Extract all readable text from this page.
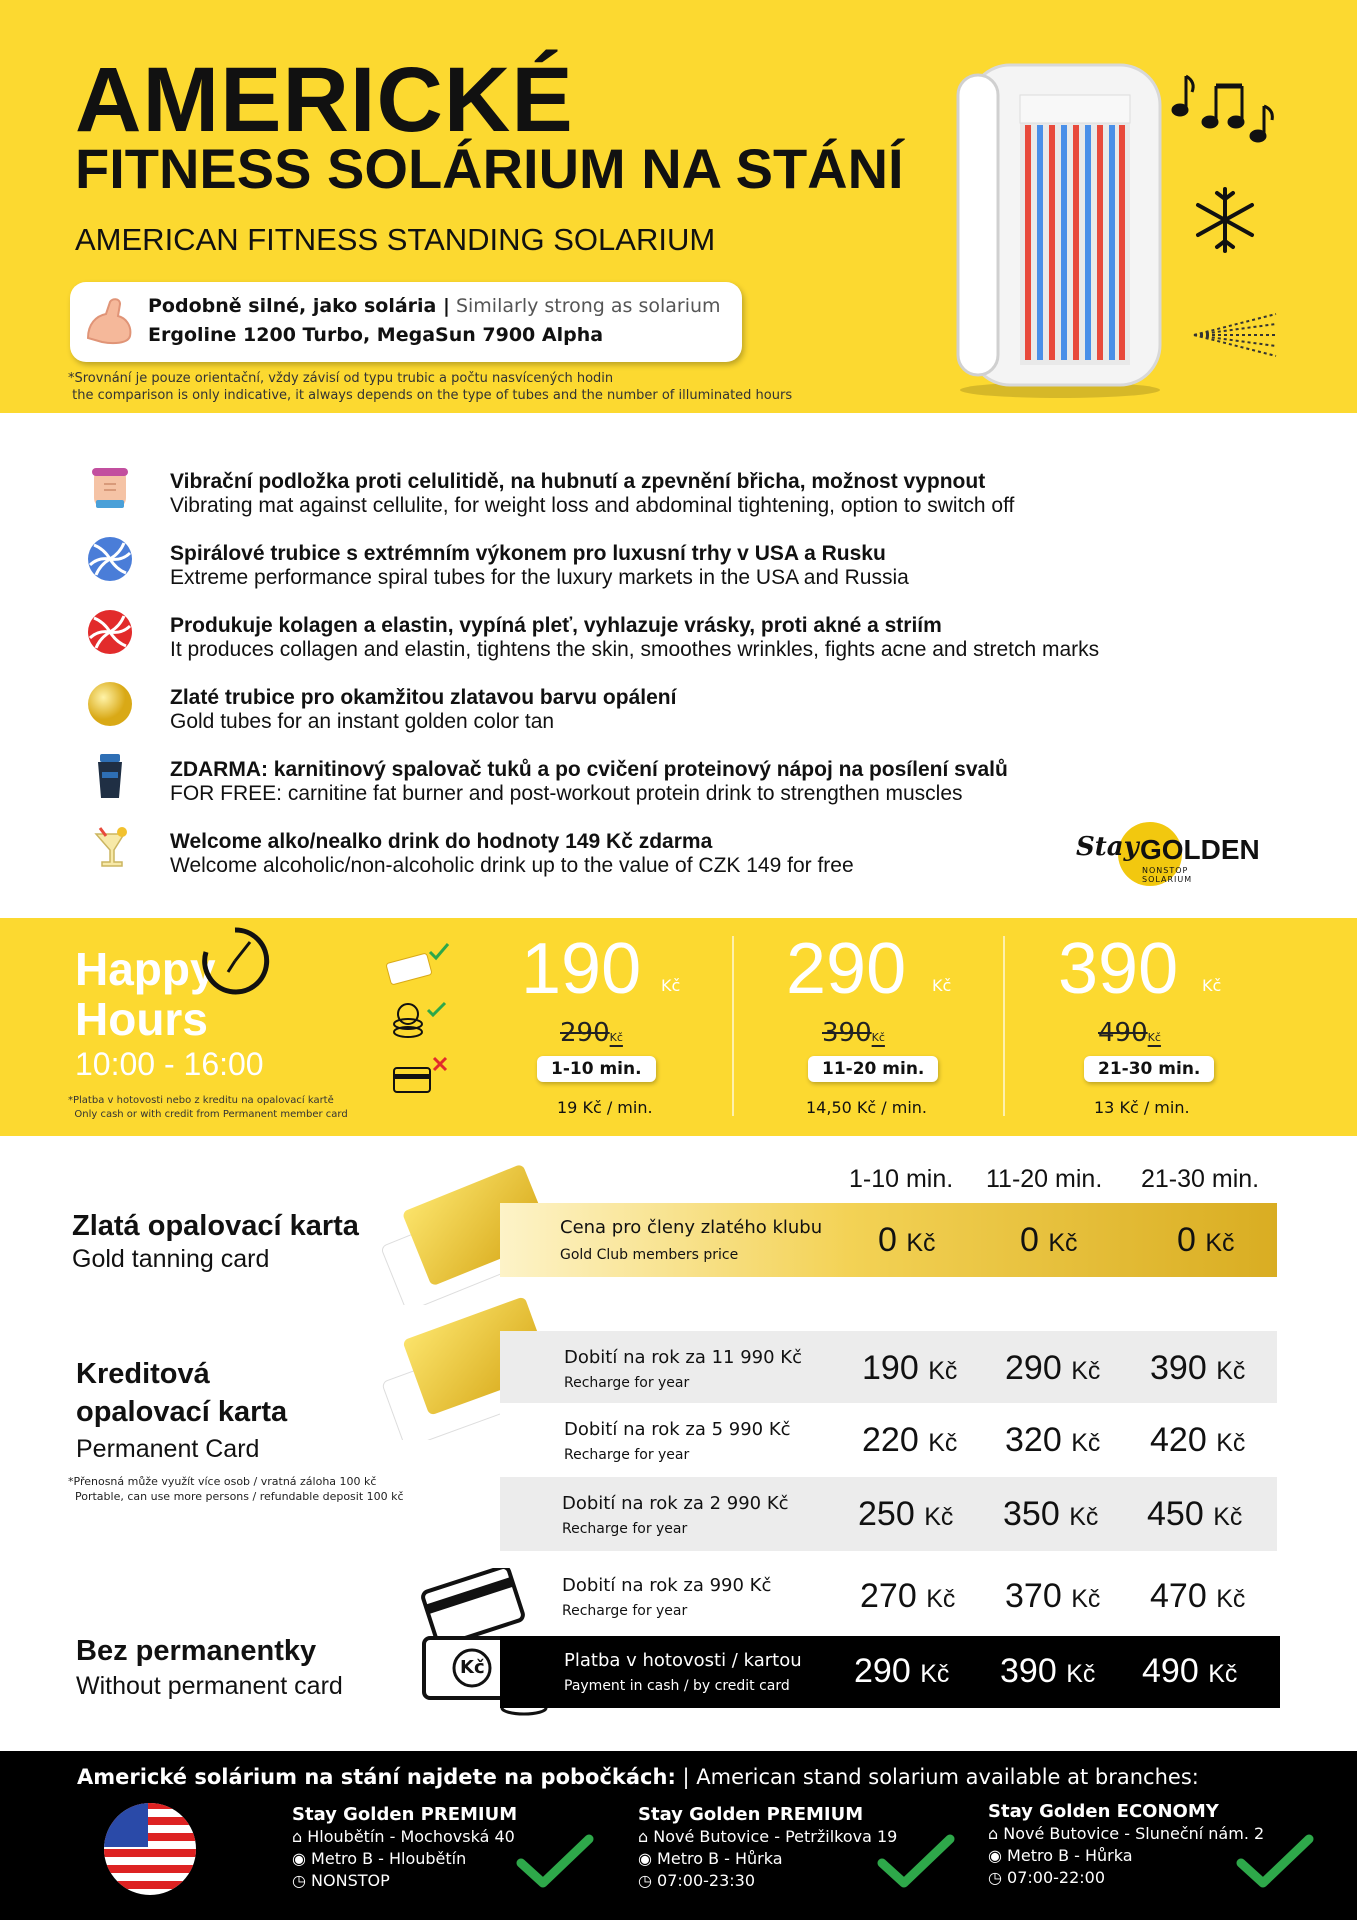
AMERICKÉ
FITNESS SOLÁRIUM NA STÁNÍ
AMERICAN FITNESS STANDING SOLARIUM
Podobně silné, jako solária | Similarly strong as solarium
Ergoline 1200 Turbo, MegaSun 7900 Alpha
*Srovnání je pouze orientační, vždy závisí od typu trubic a počtu nasvícených hodin
the comparison is only indicative, it always depends on the type of tubes and the number of illuminated hours
Vibrační podložka proti celulitidě, na hubnutí a zpevnění břicha, možnost vypnout
Vibrating mat against cellulite, for weight loss and abdominal tightening, option to switch off
Spirálové trubice s extrémním výkonem pro luxusní trhy v USA a Rusku
Extreme performance spiral tubes for the luxury markets in the USA and Russia
Produkuje kolagen a elastin, vypíná pleť, vyhlazuje vrásky, proti akné a striím
It produces collagen and elastin, tightens the skin, smoothes wrinkles, fights acne and stretch marks
Zlaté trubice pro okamžitou zlatavou barvu opálení
Gold tubes for an instant golden color tan
ZDARMA: karnitinový spalovač tuků a po cvičení proteinový nápoj na posílení svalů
FOR FREE: carnitine fat burner and post-workout protein drink to strengthen muscles
Welcome alko/nealko drink do hodnoty 149 Kč zdarma
Welcome alcoholic/non-alcoholic drink up to the value of CZK 149 for free
Stay GOLDEN
NONSTOP SOLARIUM
Happy
Hours
10:00 - 16:00
*Platba v hotovosti nebo z kreditu na opalovací kartě
Only cash or with credit from Permanent member card
190 Kč
290Kč
1-10 min.
19 Kč / min.
290 Kč
390Kč
11-20 min.
14,50 Kč / min.
390 Kč
490Kč
21-30 min.
13 Kč / min.
1-10 min. 11-20 min. 21-30 min.
Zlatá opalovací karta
Gold tanning card
Cena pro členy zlatého klubu
Gold Club members price	0 Kč 0 Kč	0 Kč
Kreditová
opalovací karta
Permanent Card
*Přenosná může využít více osob / vratná záloha 100 kč
Portable, can use more persons / refundable deposit 100 kč
Dobití na rok za 11 990 Kč
Recharge for year	190 Kč 290 Kč 390 Kč
Dobití na rok za 5 990 Kč
Recharge for year	220 Kč 320 Kč 420 Kč
Dobití na rok za 2 990 Kč
Recharge for year	250 Kč 350 Kč 450 Kč
Dobití na rok za 990 Kč
Recharge for year	270 Kč 370 Kč 470 Kč
Kč
Bez permanentky
Without permanent card
Platba v hotovosti / kartou
Payment in cash / by credit card 290 Kč 390 Kč 490 Kč
Americké solárium na stání najdete na pobočkách: | American stand solarium available at branches:
Stay Golden PREMIUM
⌂ Hloubětín - Mochovská 40
◉ Metro B - Hloubětín
◷ NONSTOP
Stay Golden PREMIUM
⌂ Nové Butovice - Petržilkova 19
◉ Metro B - Hůrka
◷ 07:00-23:30
Stay Golden ECONOMY
⌂ Nové Butovice - Sluneční nám. 2
◉ Metro B - Hůrka
◷ 07:00-22:00
